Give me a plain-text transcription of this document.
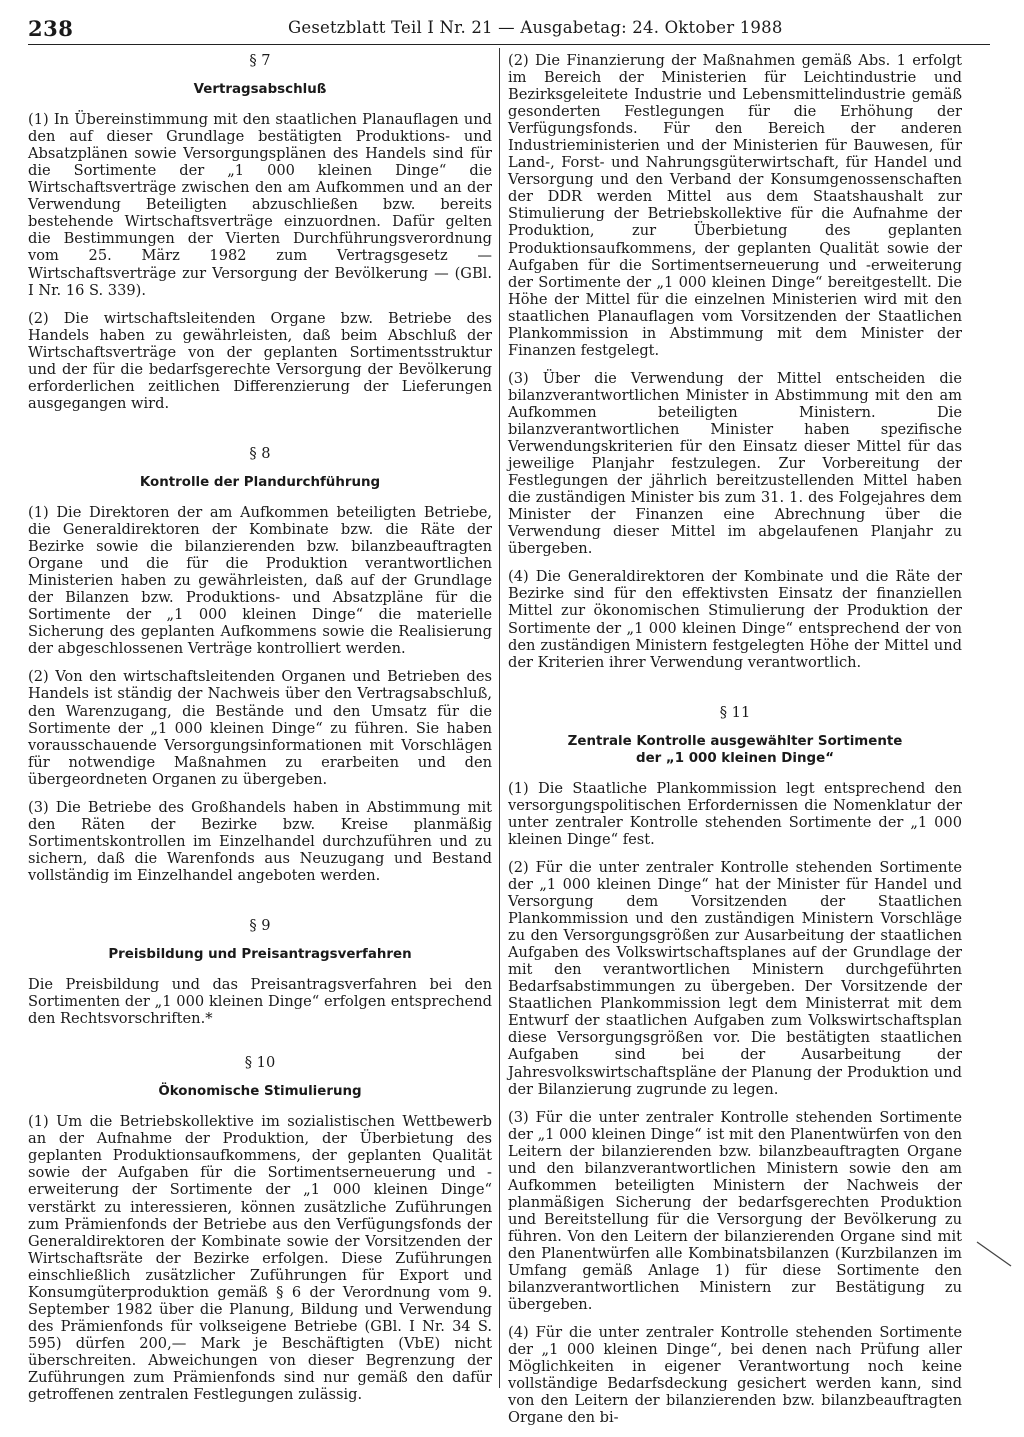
238	Gesetzblatt Teil I Nr. 21 — Ausgabetag: 24. Oktober 1988
§ 7
Vertragsabschluß

(1) In Übereinstimmung mit den staatlichen Planauflagen und den auf dieser Grundlage bestätigten Produktions- und Absatzplänen sowie Versorgungsplänen des Handels sind für die Sortimente der „1 000 kleinen Dinge“ die Wirtschaftsverträge zwischen den am Aufkommen und an der Verwendung Beteiligten abzuschließen bzw. bereits bestehende Wirtschaftsverträge einzuordnen. Dafür gelten die Bestimmungen der Vierten Durchführungsverordnung vom 25. März 1982 zum Vertragsgesetz — Wirtschaftsverträge zur Versorgung der Bevölkerung — (GBl. I Nr. 16 S. 339).

(2) Die wirtschaftsleitenden Organe bzw. Betriebe des Handels haben zu gewährleisten, daß beim Abschluß der Wirtschaftsverträge von der geplanten Sortimentsstruktur und der für die bedarfsgerechte Versorgung der Bevölkerung erforderlichen zeitlichen Differenzierung der Lieferungen ausgegangen wird.

§ 8
Kontrolle der Plandurchführung

(1) Die Direktoren der am Aufkommen beteiligten Betriebe, die Generaldirektoren der Kombinate bzw. die Räte der Bezirke sowie die bilanzierenden bzw. bilanzbeauftragten Organe und die für die Produktion verantwortlichen Ministerien haben zu gewährleisten, daß auf der Grundlage der Bilanzen bzw. Produktions- und Absatzpläne für die Sortimente der „1 000 kleinen Dinge“ die materielle Sicherung des geplanten Aufkommens sowie die Realisierung der abgeschlossenen Verträge kontrolliert werden.

(2) Von den wirtschaftsleitenden Organen und Betrieben des Handels ist ständig der Nachweis über den Vertragsabschluß, den Warenzugang, die Bestände und den Umsatz für die Sortimente der „1 000 kleinen Dinge“ zu führen. Sie haben vorausschauende Versorgungsinformationen mit Vorschlägen für notwendige Maßnahmen zu erarbeiten und den übergeordneten Organen zu übergeben.

(3) Die Betriebe des Großhandels haben in Abstimmung mit den Räten der Bezirke bzw. Kreise planmäßig Sortimentskontrollen im Einzelhandel durchzuführen und zu sichern, daß die Warenfonds aus Neuzugang und Bestand vollständig im Einzelhandel angeboten werden.

§ 9
Preisbildung und Preisantragsverfahren

Die Preisbildung und das Preisantragsverfahren bei den Sortimenten der „1 000 kleinen Dinge“ erfolgen entsprechend den Rechtsvorschriften.*

§ 10
Ökonomische Stimulierung

(1) Um die Betriebskollektive im sozialistischen Wettbewerb an der Aufnahme der Produktion, der Überbietung des geplanten Produktionsaufkommens, der geplanten Qualität sowie der Aufgaben für die Sortimentserneuerung und -erweiterung der Sortimente der „1 000 kleinen Dinge“ verstärkt zu interessieren, können zusätzliche Zuführungen zum Prämienfonds der Betriebe aus den Verfügungsfonds der Generaldirektoren der Kombinate sowie der Vorsitzenden der Wirtschaftsräte der Bezirke erfolgen. Diese Zuführungen einschließlich zusätzlicher Zuführungen für Export und Konsumgüterproduktion gemäß § 6 der Verordnung vom 9. September 1982 über die Planung, Bildung und Verwendung des Prämienfonds für volkseigene Betriebe (GBl. I Nr. 34 S. 595) dürfen 200,— Mark je Beschäftigten (VbE) nicht überschreiten. Abweichungen von dieser Begrenzung der Zuführungen zum Prämienfonds sind nur gemäß den dafür getroffenen zentralen Festlegungen zulässig.

(2) Die Finanzierung der Maßnahmen gemäß Abs. 1 erfolgt im Bereich der Ministerien für Leichtindustrie und Bezirksgeleitete Industrie und Lebensmittelindustrie gemäß gesonderten Festlegungen für die Erhöhung der Verfügungsfonds. Für den Bereich der anderen Industrieministerien und der Ministerien für Bauwesen, für Land-, Forst- und Nahrungsgüterwirtschaft, für Handel und Versorgung und den Verband der Konsumgenossenschaften der DDR werden Mittel aus dem Staatshaushalt zur Stimulierung der Betriebskollektive für die Aufnahme der Produktion, zur Überbietung des geplanten Produktionsaufkommens, der geplanten Qualität sowie der Aufgaben für die Sortimentserneuerung und -erweiterung der Sortimente der „1 000 kleinen Dinge“ bereitgestellt. Die Höhe der Mittel für die einzelnen Ministerien wird mit den staatlichen Planauflagen vom Vorsitzenden der Staatlichen Plankommission in Abstimmung mit dem Minister der Finanzen festgelegt.

(3) Über die Verwendung der Mittel entscheiden die bilanzverantwortlichen Minister in Abstimmung mit den am Aufkommen beteiligten Ministern. Die bilanzverantwortlichen Minister haben spezifische Verwendungskriterien für den Einsatz dieser Mittel für das jeweilige Planjahr festzulegen. Zur Vorbereitung der Festlegungen der jährlich bereitzustellenden Mittel haben die zuständigen Minister bis zum 31. 1. des Folgejahres dem Minister der Finanzen eine Abrechnung über die Verwendung dieser Mittel im abgelaufenen Planjahr zu übergeben.

(4) Die Generaldirektoren der Kombinate und die Räte der Bezirke sind für den effektivsten Einsatz der finanziellen Mittel zur ökonomischen Stimulierung der Produktion der Sortimente der „1 000 kleinen Dinge“ entsprechend der von den zuständigen Ministern festgelegten Höhe der Mittel und der Kriterien ihrer Verwendung verantwortlich.

§ 11
Zentrale Kontrolle ausgewählter Sortimente
der „1 000 kleinen Dinge“

(1) Die Staatliche Plankommission legt entsprechend den versorgungspolitischen Erfordernissen die Nomenklatur der unter zentraler Kontrolle stehenden Sortimente der „1 000 kleinen Dinge“ fest.

(2) Für die unter zentraler Kontrolle stehenden Sortimente der „1 000 kleinen Dinge“ hat der Minister für Handel und Versorgung dem Vorsitzenden der Staatlichen Plankommission und den zuständigen Ministern Vorschläge zu den Versorgungsgrößen zur Ausarbeitung der staatlichen Aufgaben des Volkswirtschaftsplanes auf der Grundlage der mit den verantwortlichen Ministern durchgeführten Bedarfsabstimmungen zu übergeben. Der Vorsitzende der Staatlichen Plankommission legt dem Ministerrat mit dem Entwurf der staatlichen Aufgaben zum Volkswirtschaftsplan diese Versorgungsgrößen vor. Die bestätigten staatlichen Aufgaben sind bei der Ausarbeitung der Jahresvolkswirtschaftspläne der Planung der Produktion und der Bilanzierung zugrunde zu legen.

(3) Für die unter zentraler Kontrolle stehenden Sortimente der „1 000 kleinen Dinge“ ist mit den Planentwürfen von den Leitern der bilanzierenden bzw. bilanzbeauftragten Organe und den bilanzverantwortlichen Ministern sowie den am Aufkommen beteiligten Ministern der Nachweis der planmäßigen Sicherung der bedarfsgerechten Produktion und Bereitstellung für die Versorgung der Bevölkerung zu führen. Von den Leitern der bilanzierenden Organe sind mit den Planentwürfen alle Kombinatsbilanzen (Kurzbilanzen im Umfang gemäß Anlage 1) für diese Sortimente den bilanzverantwortlichen Ministern zur Bestätigung zu übergeben.

(4) Für die unter zentraler Kontrolle stehenden Sortimente der „1 000 kleinen Dinge“, bei denen nach Prüfung aller Möglichkeiten in eigener Verantwortung noch keine vollständige Bedarfsdeckung gesichert werden kann, sind von den Leitern der bilanzierenden bzw. bilanzbeauftragten Organe den bi-
